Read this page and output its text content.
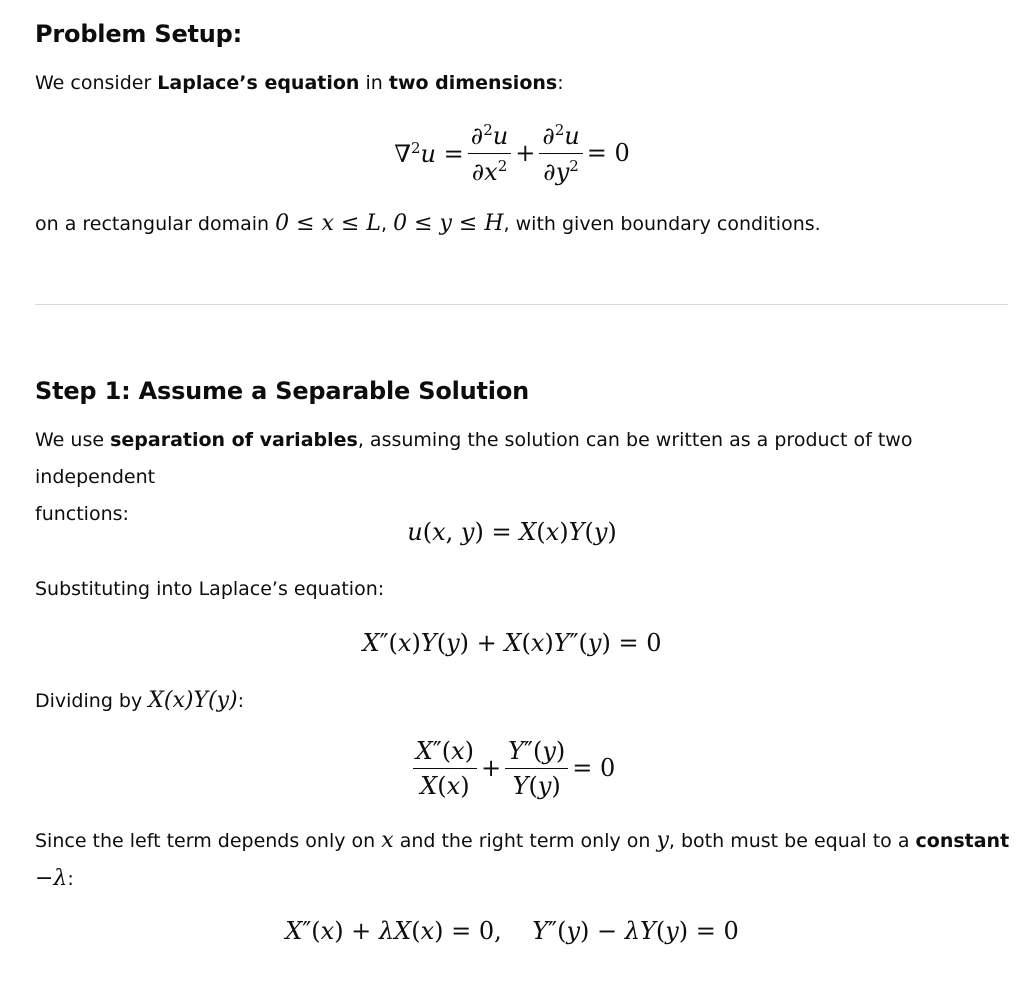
Problem Setup:

We consider Laplace’s equation in two dimensions:

$\nabla^2u = \frac{\partial^2u}{\partial x^2} + \frac{\partial^2u}{\partial y^2} = 0$

on a rectangular domain 0 ≤ x ≤ L, 0 ≤ y ≤ H, with given boundary conditions.

Step 1: Assume a Separable Solution

We use separation of variables, assuming the solution can be written as a product of two independent
functions:

u(x, y) = X(x)Y(y)

Substituting into Laplace’s equation:

X″(x)Y(y) + X(x)Y″(y) = 0

Dividing by X(x)Y(y):

$\frac{X''(x)}{X(x)} + \frac{Y''(y)}{Y(y)} = 0$

Since the left term depends only on x and the right term only on y, both must be equal to a constant
−λ:

X″(x) + λX(x) = 0,    Y″(y) − λY(y) = 0
